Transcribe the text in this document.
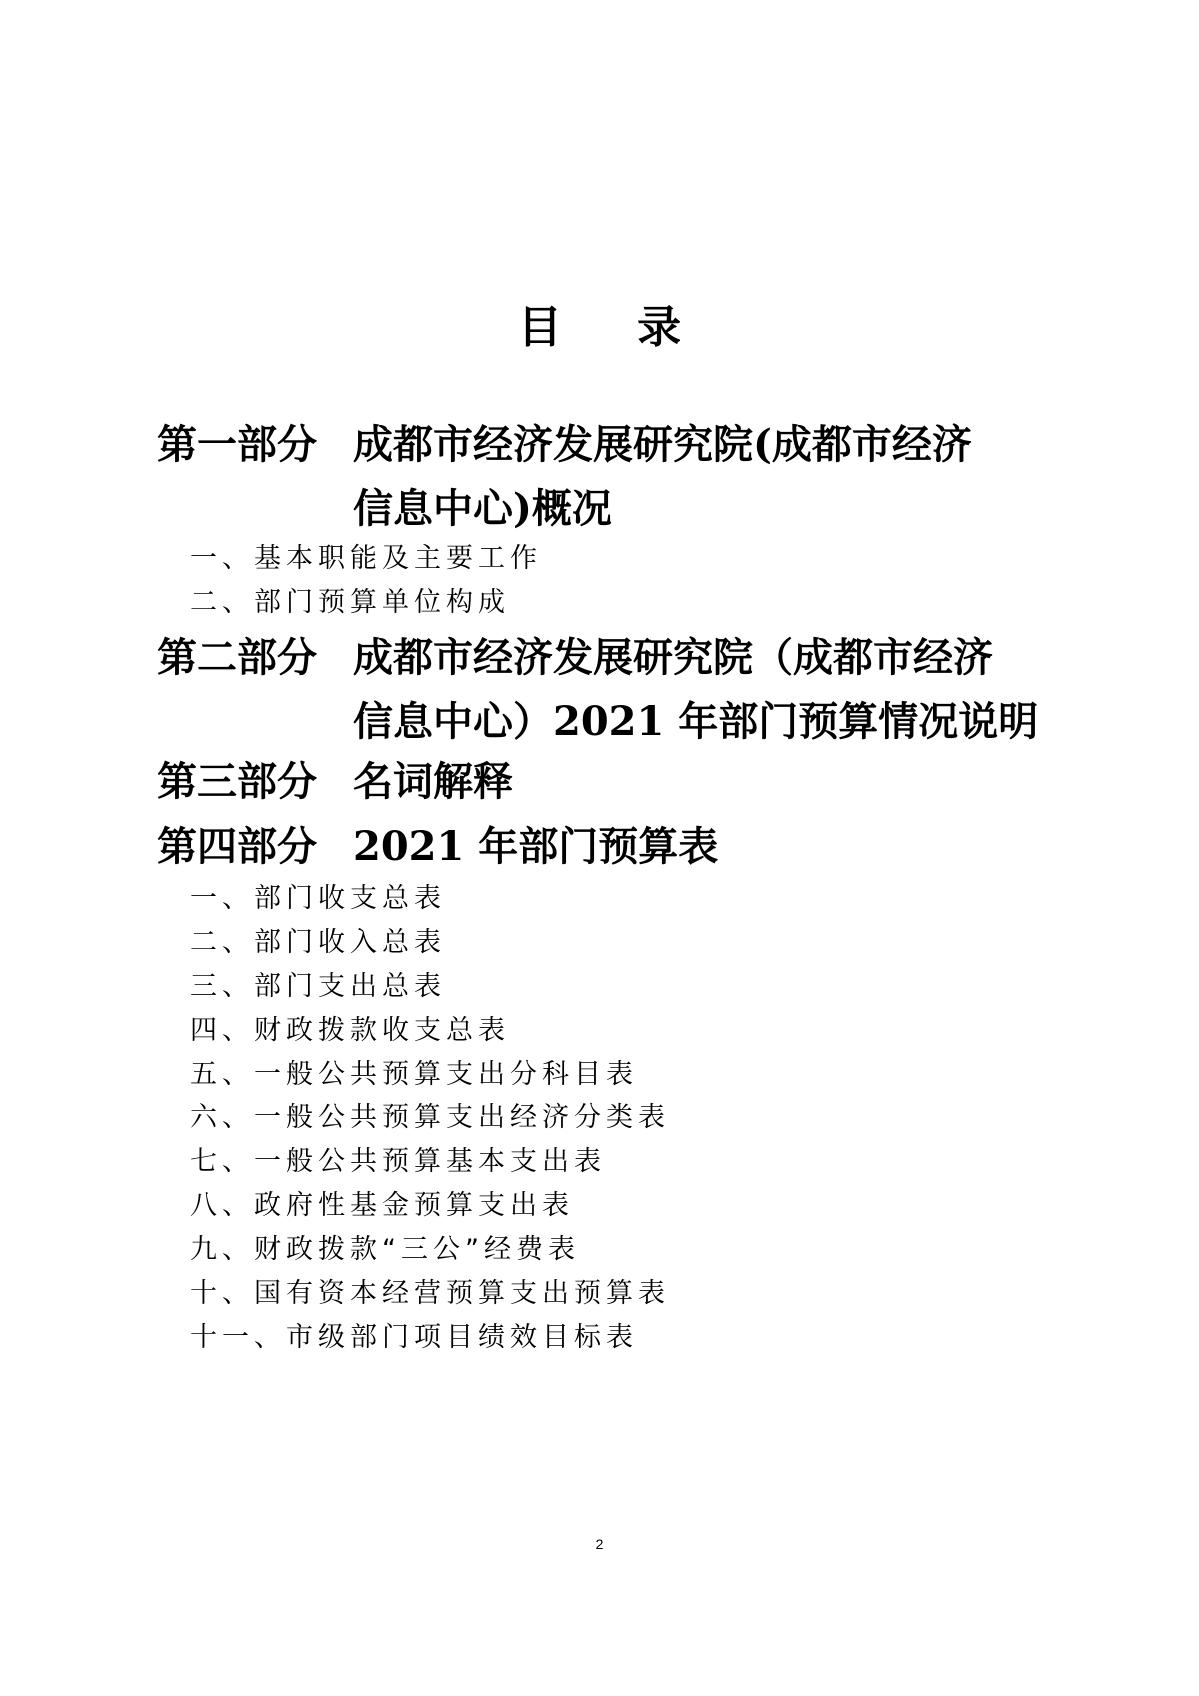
目 录
第一部分 成都市经济发展研究院(成都市经济
信息中心)概况
一、基本职能及主要工作
二、部门预算单位构成
第二部分 成都市经济发展研究院（成都市经济
信息中心）2021 年部门预算情况说明
第三部分 名词解释
第四部分 2021 年部门预算表
一、部门收支总表
二、部门收入总表
三、部门支出总表
四、财政拨款收支总表
五、一般公共预算支出分科目表
六、一般公共预算支出经济分类表
七、一般公共预算基本支出表
八、政府性基金预算支出表
九、财政拨款“三公”经费表
十、国有资本经营预算支出预算表
十一、市级部门项目绩效目标表
2
